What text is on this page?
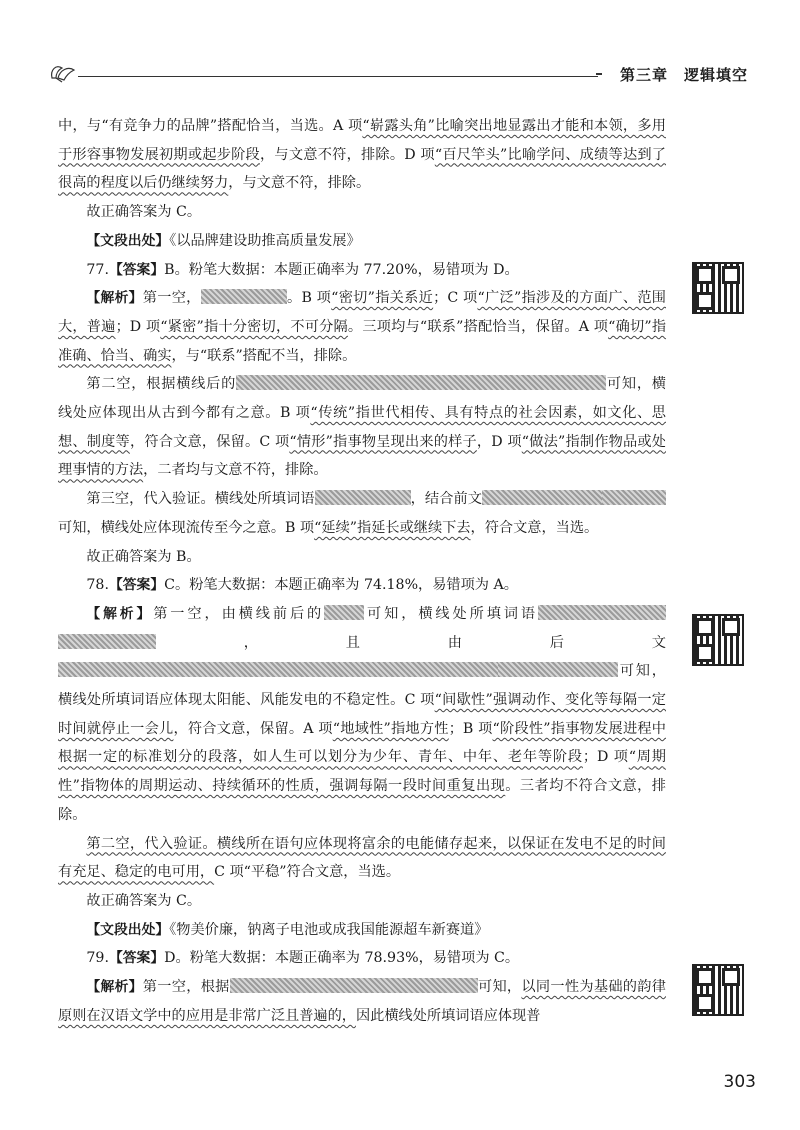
第三章　逻辑填空

中，与“有竞争力的品牌”搭配恰当，当选。A 项“崭露头角”比喻突出地显露出才能和本领，多用于形容事物发展初期或起步阶段，与文意不符，排除。D 项“百尺竿头”比喻学问、成绩等达到了很高的程度以后仍继续努力，与文意不符，排除。

故正确答案为 C。

【文段出处】《以品牌建设助推高质量发展》

77.【答案】B。粉笔大数据：本题正确率为 77.20%，易错项为 D。

【解析】第一空，	。B 项“密切”指关系近；C 项“广泛”指涉及的方面广、范围大，普遍；D 项“紧密”指十分密切，不可分隔。三项均与“联系”搭配恰当，保留。A 项“确切”指准确、恰当、确实，与“联系”搭配不当，排除。

第二空，根据横线后的	可知，横线处应体现出从古到今都有之意。B 项“传统”指世代相传、具有特点的社会因素，如文化、思想、制度等，符合文意，保留。C 项“情形”指事物呈现出来的样子，D 项“做法”指制作物品或处理事情的方法，二者均与文意不符，排除。

第三空，代入验证。横线处所填词语	，结合前文可知，横线处应体现流传至今之意。B 项“延续”指延长或继续下去，符合文意，当选。

故正确答案为 B。

78.【答案】C。粉笔大数据：本题正确率为 74.18%，易错项为 A。

【解析】第一空，由横线前后的	可知，横线处所填词语，且由后文可知，横线处所填词语应体现太阳能、风能发电的不稳定性。C 项“间歇性”强调动作、变化等每隔一定时间就停止一会儿，符合文意，保留。A 项“地域性”指地方性；B 项“阶段性”指事物发展进程中根据一定的标准划分的段落，如人生可以划分为少年、青年、中年、老年等阶段；D 项“周期性”指物体的周期运动、持续循环的性质，强调每隔一段时间重复出现。三者均不符合文意，排除。

第二空，代入验证。横线所在语句应体现将富余的电能储存起来，以保证在发电不足的时间有充足、稳定的电可用，C 项“平稳”符合文意，当选。

故正确答案为 C。

【文段出处】《物美价廉，钠离子电池或成我国能源超车新赛道》

79.【答案】D。粉笔大数据：本题正确率为 78.93%，易错项为 C。

【解析】第一空，根据	可知，以同一性为基础的韵律原则在汉语文学中的应用是非常广泛且普遍的，因此横线处所填词语应体现普

303
